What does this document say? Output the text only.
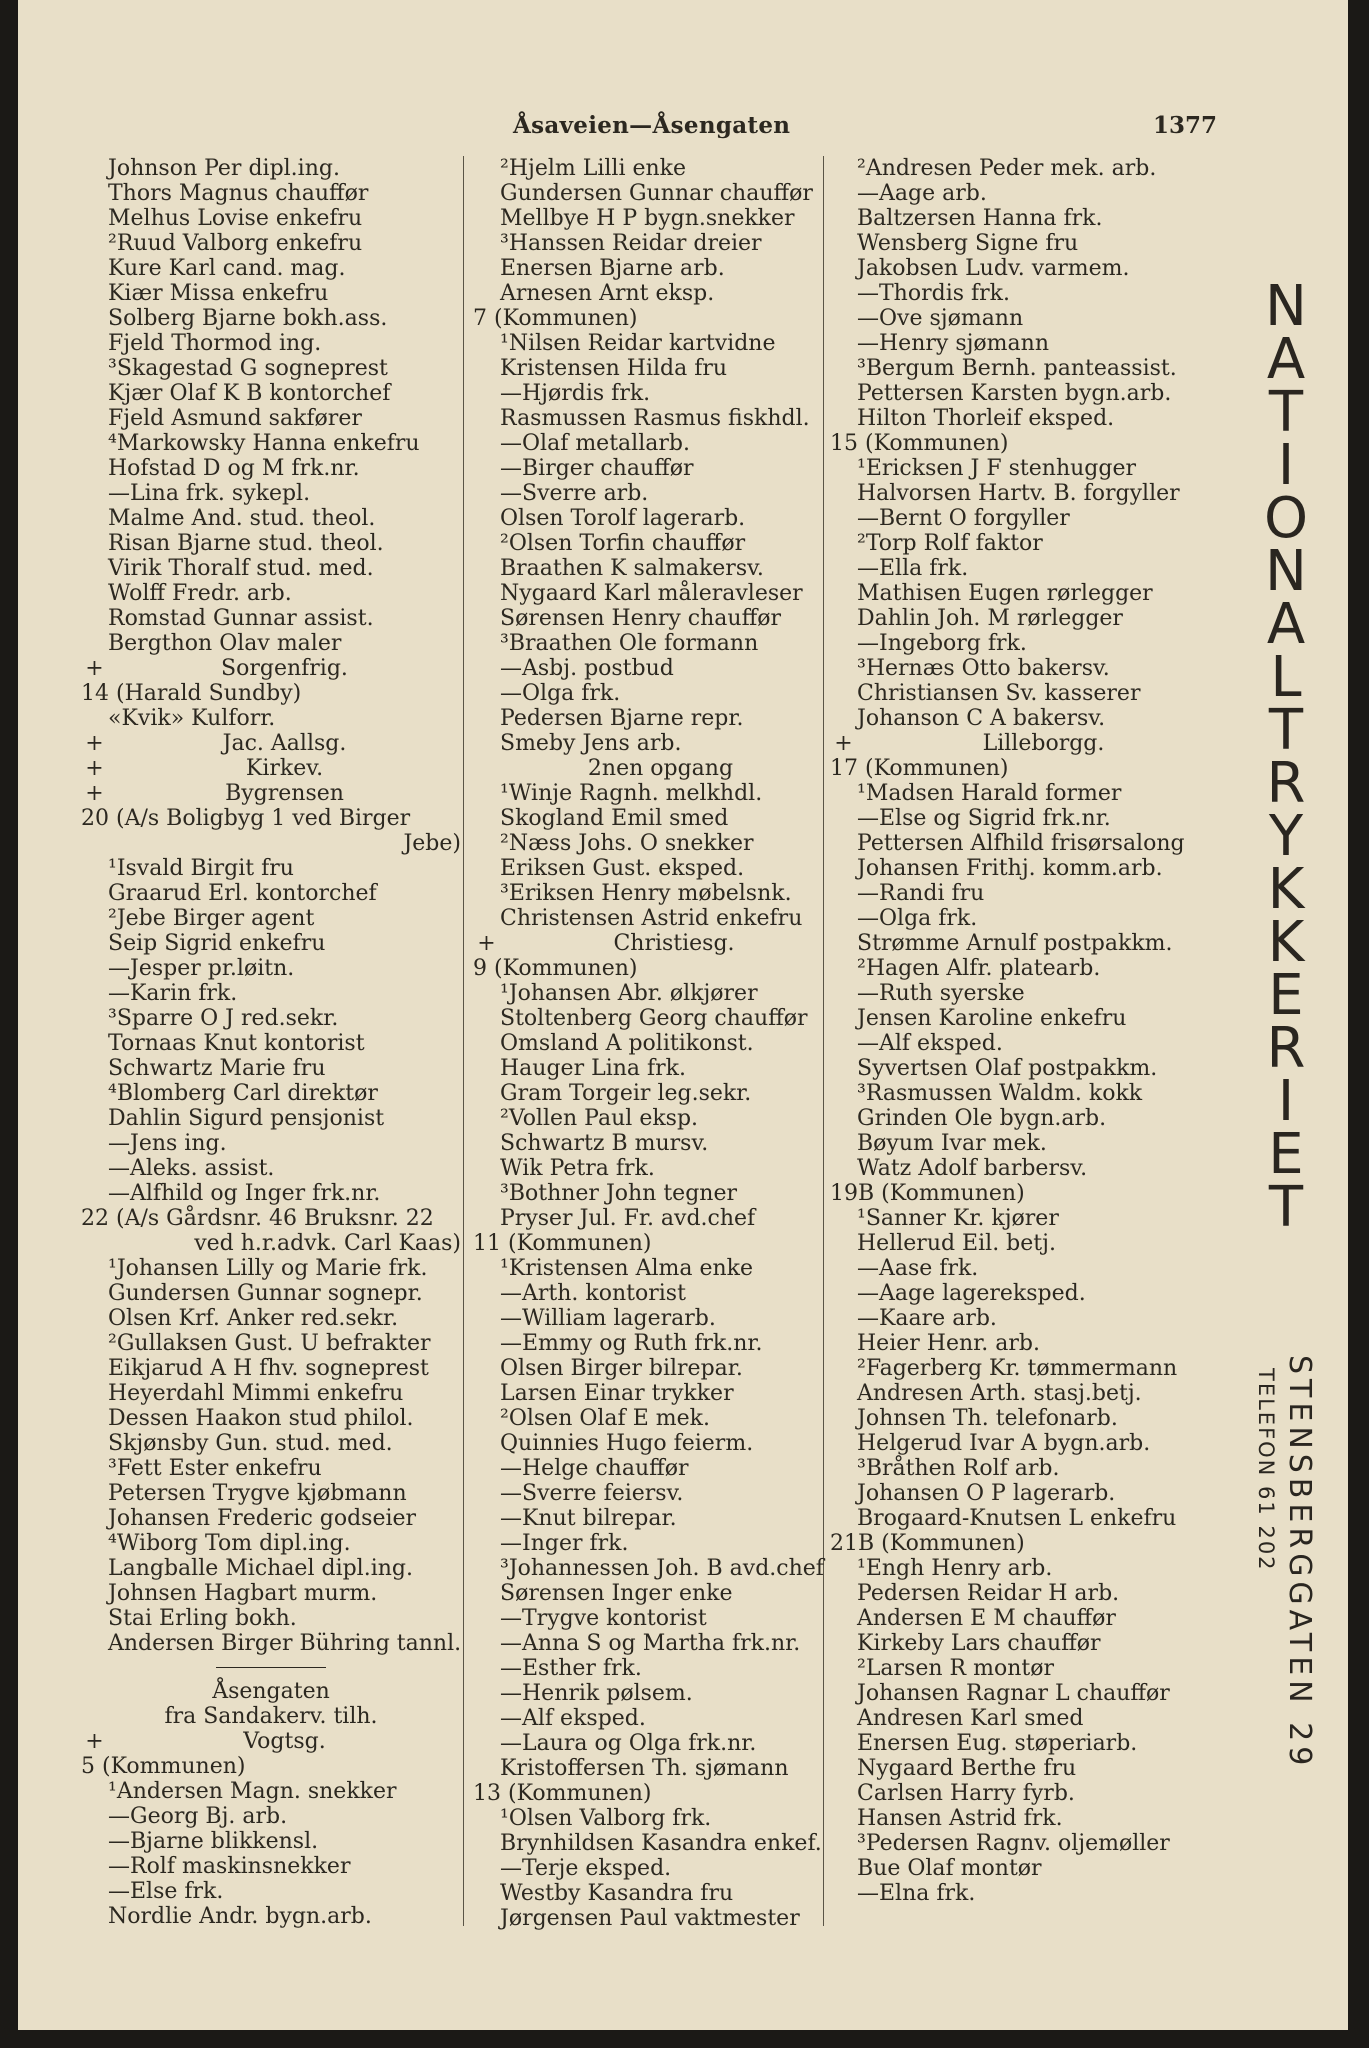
Åsaveien—Åsengaten	1377
Johnson Per dipl.ing.
Thors Magnus chauffør
Melhus Lovise enkefru
²Ruud Valborg enkefru
Kure Karl cand. mag.
Kiær Missa enkefru
Solberg Bjarne bokh.ass.
Fjeld Thormod ing.
³Skagestad G sogneprest
Kjær Olaf K B kontorchef
Fjeld Asmund sakfører
⁴Markowsky Hanna enkefru
Hofstad D og M frk.nr.
—Lina frk. sykepl.
Malme And. stud. theol.
Risan Bjarne stud. theol.
Virik Thoralf stud. med.
Wolff Fredr. arb.
Romstad Gunnar assist.
Bergthon Olav maler
+	Sorgenfrig.
14 (Harald Sundby)
«Kvik» Kulforr.
+	Jac. Aallsg.
+	Kirkev.
+	Bygrensen
20 (A/s Boligbyg 1 ved Birger
Jebe)
¹Isvald Birgit fru
Graarud Erl. kontorchef
²Jebe Birger agent
Seip Sigrid enkefru
—Jesper pr.løitn.
—Karin frk.
³Sparre O J red.sekr.
Tornaas Knut kontorist
Schwartz Marie fru
⁴Blomberg Carl direktør
Dahlin Sigurd pensjonist
—Jens ing.
—Aleks. assist.
—Alfhild og Inger frk.nr.
22 (A/s Gårdsnr. 46 Bruksnr. 22
ved h.r.advk. Carl Kaas)
¹Johansen Lilly og Marie frk.
Gundersen Gunnar sognepr.
Olsen Krf. Anker red.sekr.
²Gullaksen Gust. U befrakter
Eikjarud A H fhv. sogneprest
Heyerdahl Mimmi enkefru
Dessen Haakon stud philol.
Skjønsby Gun. stud. med.
³Fett Ester enkefru
Petersen Trygve kjøbmann
Johansen Frederic godseier
⁴Wiborg Tom dipl.ing.
Langballe Michael dipl.ing.
Johnsen Hagbart murm.
Stai Erling bokh.
Andersen Birger Bühring tannl.
Åsengaten
fra Sandakerv. tilh.
+	Vogtsg.
5 (Kommunen)
¹Andersen Magn. snekker
—Georg Bj. arb.
—Bjarne blikkensl.
—Rolf maskinsnekker
—Else frk.
Nordlie Andr. bygn.arb.
²Hjelm Lilli enke
Gundersen Gunnar chauffør
Mellbye H P bygn.snekker
³Hanssen Reidar dreier
Enersen Bjarne arb.
Arnesen Arnt eksp.
7 (Kommunen)
¹Nilsen Reidar kartvidne
Kristensen Hilda fru
—Hjørdis frk.
Rasmussen Rasmus fiskhdl.
—Olaf metallarb.
—Birger chauffør
—Sverre arb.
Olsen Torolf lagerarb.
²Olsen Torfin chauffør
Braathen K salmakersv.
Nygaard Karl måleravleser
Sørensen Henry chauffør
³Braathen Ole formann
—Asbj. postbud
—Olga frk.
Pedersen Bjarne repr.
Smeby Jens arb.
2nen opgang
¹Winje Ragnh. melkhdl.
Skogland Emil smed
²Næss Johs. O snekker
Eriksen Gust. eksped.
³Eriksen Henry møbelsnk.
Christensen Astrid enkefru
+	Christiesg.
9 (Kommunen)
¹Johansen Abr. ølkjører
Stoltenberg Georg chauffør
Omsland A politikonst.
Hauger Lina frk.
Gram Torgeir leg.sekr.
²Vollen Paul eksp.
Schwartz B mursv.
Wik Petra frk.
³Bothner John tegner
Pryser Jul. Fr. avd.chef
11 (Kommunen)
¹Kristensen Alma enke
—Arth. kontorist
—William lagerarb.
—Emmy og Ruth frk.nr.
Olsen Birger bilrepar.
Larsen Einar trykker
²Olsen Olaf E mek.
Quinnies Hugo feierm.
—Helge chauffør
—Sverre feiersv.
—Knut bilrepar.
—Inger frk.
³Johannessen Joh. B avd.chef
Sørensen Inger enke
—Trygve kontorist
—Anna S og Martha frk.nr.
—Esther frk.
—Henrik pølsem.
—Alf eksped.
—Laura og Olga frk.nr.
Kristoffersen Th. sjømann
13 (Kommunen)
¹Olsen Valborg frk.
Brynhildsen Kasandra enkef.
—Terje eksped.
Westby Kasandra fru
Jørgensen Paul vaktmester
²Andresen Peder mek. arb.
—Aage arb.
Baltzersen Hanna frk.
Wensberg Signe fru
Jakobsen Ludv. varmem.
—Thordis frk.
—Ove sjømann
—Henry sjømann
³Bergum Bernh. panteassist.
Pettersen Karsten bygn.arb.
Hilton Thorleif eksped.
15 (Kommunen)
¹Ericksen J F stenhugger
Halvorsen Hartv. B. forgyller
—Bernt O forgyller
²Torp Rolf faktor
—Ella frk.
Mathisen Eugen rørlegger
Dahlin Joh. M rørlegger
—Ingeborg frk.
³Hernæs Otto bakersv.
Christiansen Sv. kasserer
Johanson C A bakersv.
+	Lilleborgg.
17 (Kommunen)
¹Madsen Harald former
—Else og Sigrid frk.nr.
Pettersen Alfhild frisørsalong
Johansen Frithj. komm.arb.
—Randi fru
—Olga frk.
Strømme Arnulf postpakkm.
²Hagen Alfr. platearb.
—Ruth syerske
Jensen Karoline enkefru
—Alf eksped.
Syvertsen Olaf postpakkm.
³Rasmussen Waldm. kokk
Grinden Ole bygn.arb.
Bøyum Ivar mek.
Watz Adolf barbersv.
19B (Kommunen)
¹Sanner Kr. kjører
Hellerud Eil. betj.
—Aase frk.
—Aage lagereksped.
—Kaare arb.
Heier Henr. arb.
²Fagerberg Kr. tømmermann
Andresen Arth. stasj.betj.
Johnsen Th. telefonarb.
Helgerud Ivar A bygn.arb.
³Bråthen Rolf arb.
Johansen O P lagerarb.
Brogaard-Knutsen L enkefru
21B (Kommunen)
¹Engh Henry arb.
Pedersen Reidar H arb.
Andersen E M chauffør
Kirkeby Lars chauffør
²Larsen R montør
Johansen Ragnar L chauffør
Andresen Karl smed
Enersen Eug. støperiarb.
Nygaard Berthe fru
Carlsen Harry fyrb.
Hansen Astrid frk.
³Pedersen Ragnv. oljemøller
Bue Olaf montør
—Elna frk.
N
A
T
I
O
N
A
L
T
R
Y
K
K
E
R
I
E
T
STENSBERGGATEN 29
TELEFON 61 202
